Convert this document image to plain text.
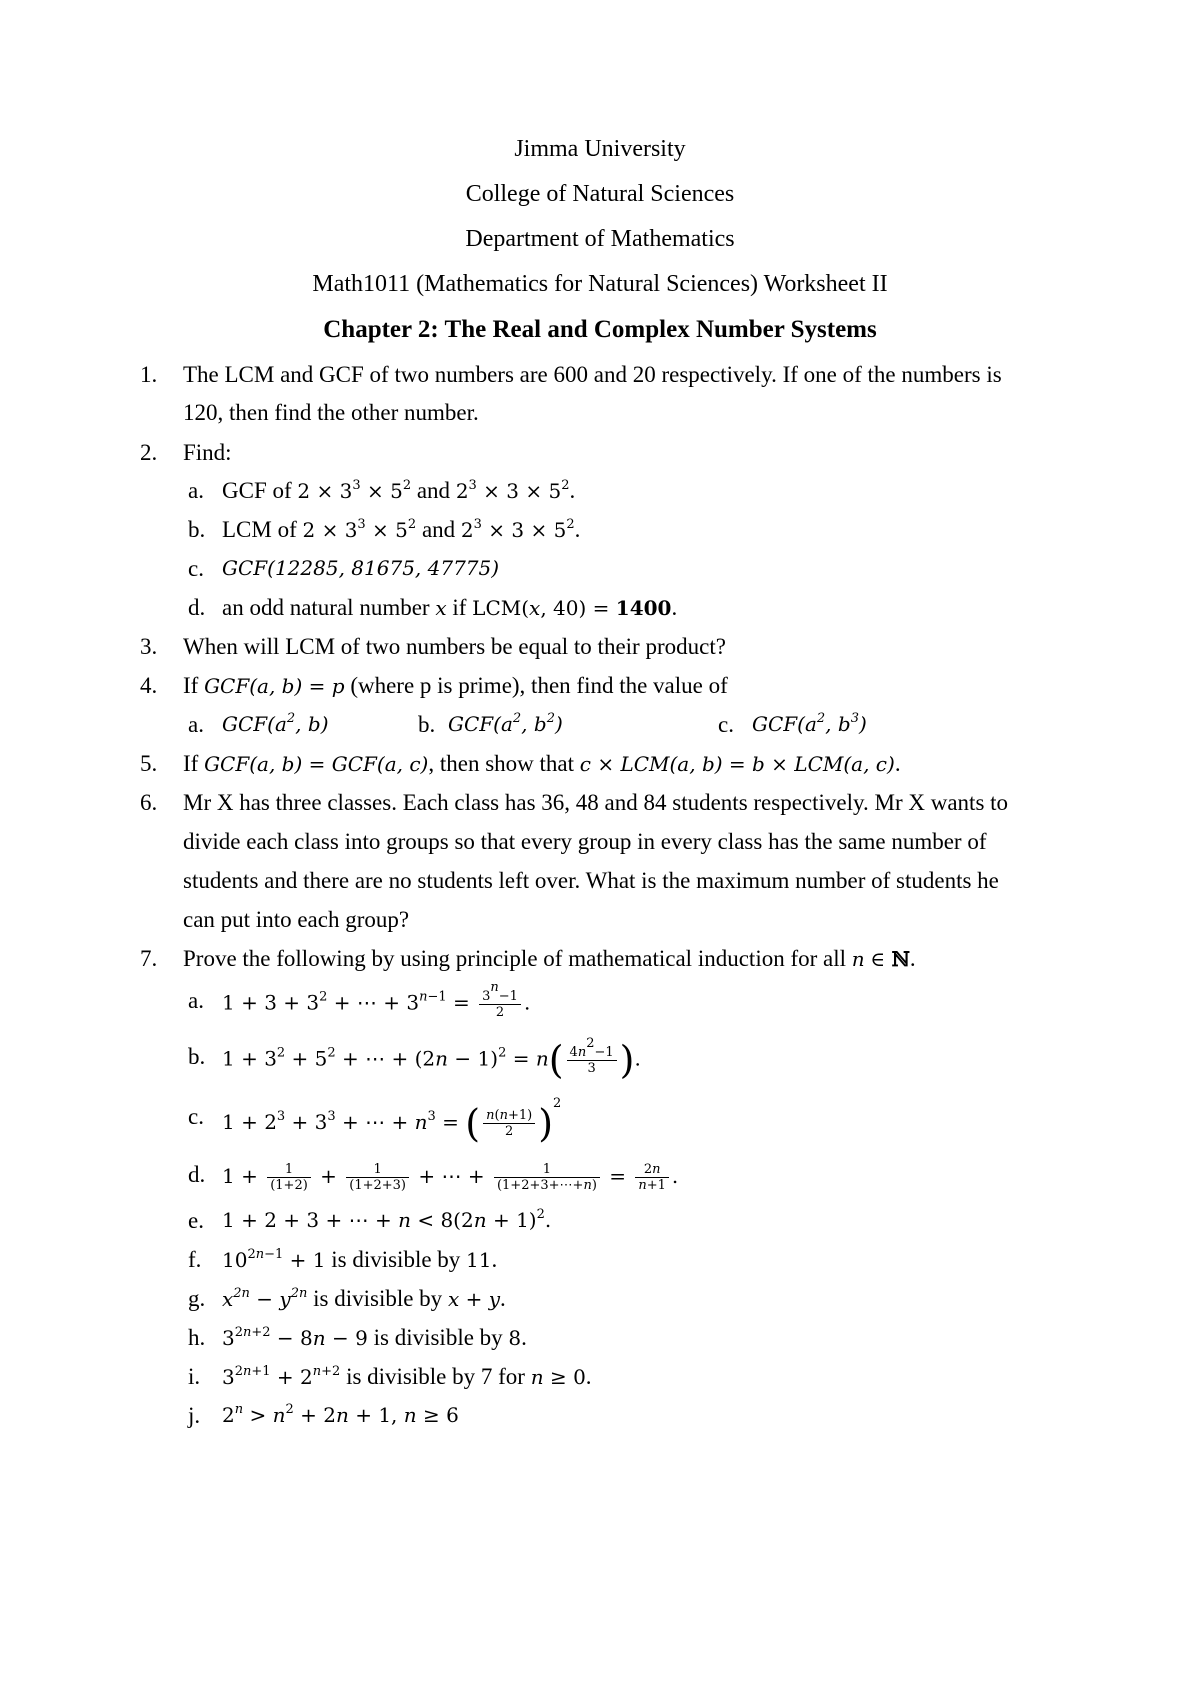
Jimma University
College of Natural Sciences
Department of Mathematics
Math1011 (Mathematics for Natural Sciences) Worksheet II
Chapter 2: The Real and Complex Number Systems
1. The LCM and GCF of two numbers are 600 and 20 respectively. If one of the numbers is
120, then find the other number.
2. Find:
a. GCF of $2 \times 3^3 \times 5^2$ and $2^3 \times 3 \times 5^2$.
b. LCM of $2 \times 3^3 \times 5^2$ and $2^3 \times 3 \times 5^2$.
c. GCF(12285, 81675, 47775)
d. an odd natural number x if LCM(x, 40) = 1400.
3. When will LCM of two numbers be equal to their product?
4. If GCF(a, b) = p (where p is prime), then find the value of
a. $GCF(a^2$, b)	b. $GCF(a^2$, $b^2$)	c. $GCF(a^2$, $b^3$)
5. If GCF(a, b) = GCF(a, c), then show that c × LCM(a, b) = b × LCM(a, c).
6. Mr X has three classes. Each class has 36, 48 and 84 students respectively. Mr X wants to
divide each class into groups so that every group in every class has the same number of
students and there are no students left over. What is the maximum number of students he
can put into each group?
7. Prove the following by using principle of mathematical induction for all n ∈ ℕ.
a. $1 + 3 + 3^2$ + ⋯ + $3^{n-1} = \frac{3^n-1}{2}$ .
b. $1 + 3^2 + 5^2$ + ⋯ + $(2n - 1)^2 = n( \frac{4n^2-1}{3}$ ).
c. $1 + 2^3 + 3^3$ + ⋯ + $n^3$ = ( $\frac{n(n+1)}{2} )^2$
d. $1 + \frac{1}{(1+2)} + \frac{1}{(1+2+3)}$ + ⋯ + $\frac{1}{(1+2+3+\cdots+n)} = \frac{2n}{n+1}$ .
e. 1 + 2 + 3 + ⋯ + $n < 8(2n + 1)^2$.
f. $10^{2n-1} + 1$ is divisible by 11.
g. $x^{2n} - y^{2n}$ is divisible by x + y.
h. $3^{2n+2} - 8n - 9$ is divisible by 8.
i. $3^{2n+1} + 2^{n+2}$ is divisible by 7 for n ≥ 0.
j. $2^n > n^2 + 2n + 1$, n ≥ 6
